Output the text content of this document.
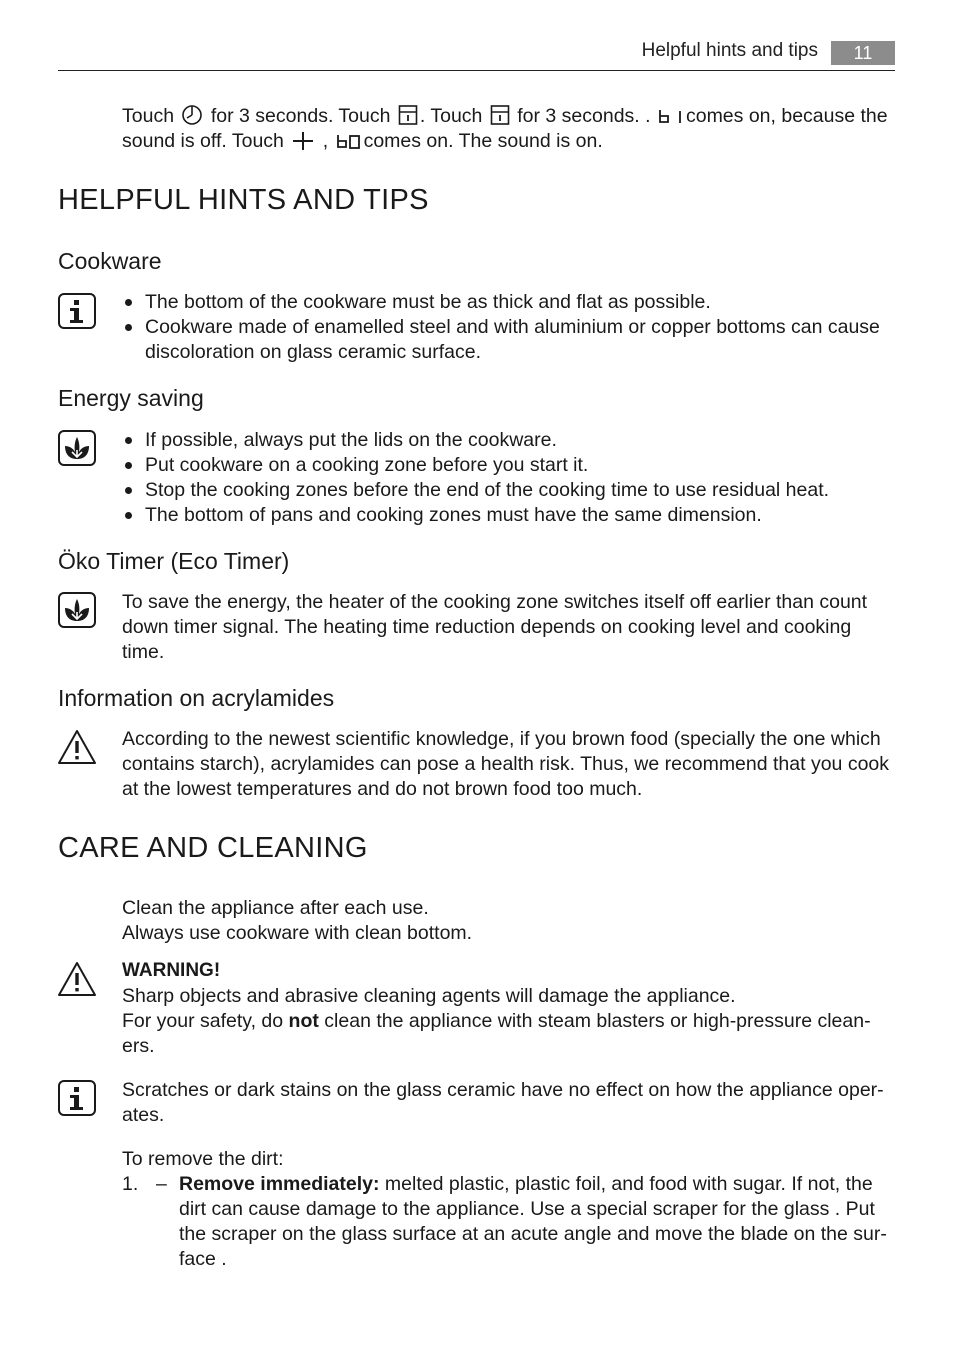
Helpful hints and tips	11
Touch
for 3 seconds. Touch
. Touch
for 3 seconds. .
comes on, because the sound is off. Touch
,
comes on. The sound is on.
HELPFUL HINTS AND TIPS
Cookware
The bottom of the cookware must be as thick and flat as possible.
Cookware made of enamelled steel and with aluminium or copper bottoms can cause discoloration on glass ceramic surface.
Energy saving
If possible, always put the lids on the cookware.
Put cookware on a cooking zone before you start it.
Stop the cooking zones before the end of the cooking time to use residual heat.
The bottom of pans and cooking zones must have the same dimension.
Öko Timer (Eco Timer)
To save the energy, the heater of the cooking zone switches itself off earlier than count down timer signal. The heating time reduction depends on cooking level and cooking time.
Information on acrylamides
According to the newest scientific knowledge, if you brown food (specially the one which contains starch), acrylamides can pose a health risk. Thus, we recommend that you cook at the lowest temperatures and do not brown food too much.
CARE AND CLEANING
Clean the appliance after each use.
Always use cookware with clean bottom.
WARNING!
Sharp objects and abrasive cleaning agents will damage the appliance.
For your safety, do not clean the appliance with steam blasters or high-pressure clean-ers.
Scratches or dark stains on the glass ceramic have no effect on how the appliance oper-ates.
To remove the dirt:
1. – Remove immediately: melted plastic, plastic foil, and food with sugar. If not, the dirt can cause damage to the appliance. Use a special scraper for the glass . Put the scraper on the glass surface at an acute angle and move the blade on the sur-face .
